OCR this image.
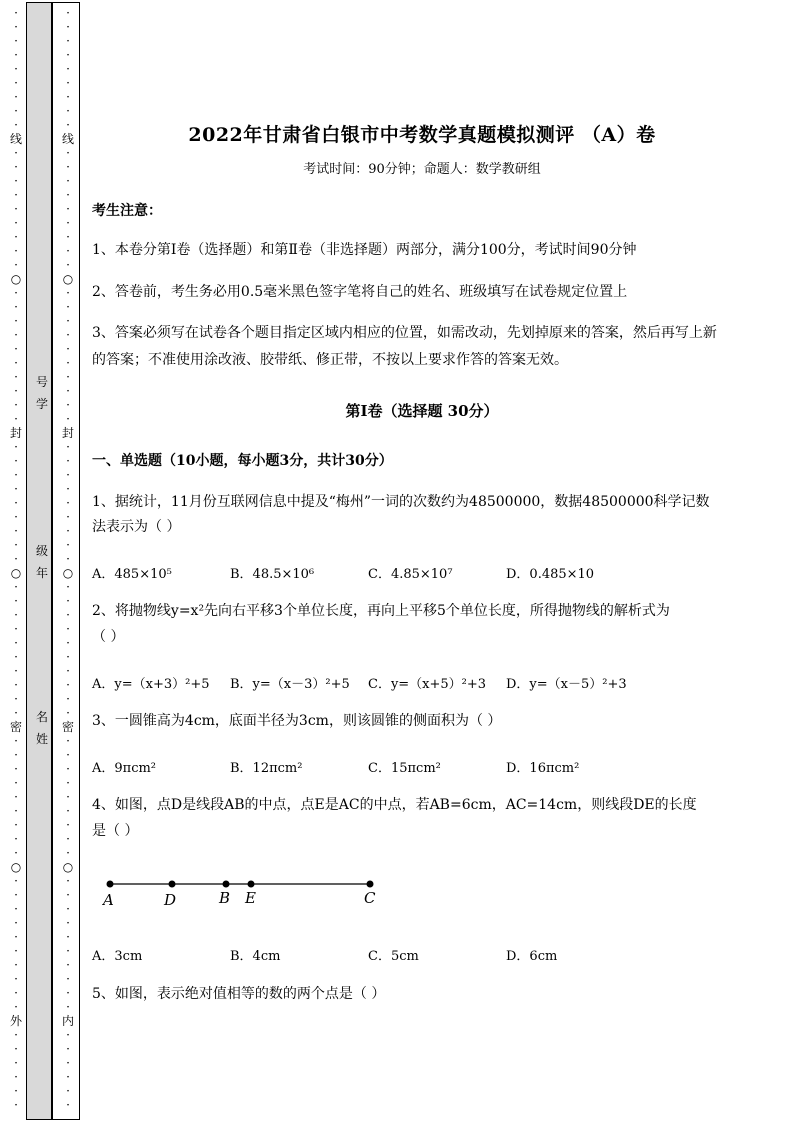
·
·
·
·
·
·
·
·
·
线
·
·
·
·
·
·
·
·
·
○
·
·
·
·
·
·
·
·
·
·
封
·
·
·
·
·
·
·
·
·
○
·
·
·
·
·
·
·
·
·
·
密
·
·
·
·
·
·
·
·
·
○
·
·
·
·
·
·
·
·
·
·
外
·
·
·
·
·
·
·
·
·
·
·
·
·
·
·
线
·
·
·
·
·
·
·
·
·
○
·
·
·
·
·
·
·
·
·
·
封
·
·
·
·
·
·
·
·
·
○
·
·
·
·
·
·
·
·
·
·
密
·
·
·
·
·
·
·
·
·
○
·
·
·
·
·
·
·
·
·
·
内
·
·
·
·
·
·
号
学
级
年
名
姓
2022年甘肃省白银市中考数学真题模拟测评 （A）卷
考试时间：90分钟；命题人：数学教研组
考生注意：
1、本卷分第I卷（选择题）和第Ⅱ卷（非选择题）两部分，满分100分，考试时间90分钟
2、答卷前，考生务必用0.5毫米黑色签字笔将自己的姓名、班级填写在试卷规定位置上
3、答案必须写在试卷各个题目指定区域内相应的位置，如需改动，先划掉原来的答案，然后再写上新
的答案；不准使用涂改液、胶带纸、修正带，不按以上要求作答的答案无效。
第I卷（选择题 30分）
一、单选题（10小题，每小题3分，共计30分）
1、据统计，11月份互联网信息中提及“梅州”一词的次数约为48500000，数据48500000科学记数
法表示为（ ）
A．485×10⁵	B．48.5×10⁶	C．4.85×10⁷	D．0.485×10
2、将抛物线y=x²先向右平移3个单位长度，再向上平移5个单位长度，所得抛物线的解析式为
（ ）
A．y=（x+3）²+5	B．y=（x－3）²+5	C．y=（x+5）²+3	D．y=（x－5）²+3
3、一圆锥高为4cm，底面半径为3cm，则该圆锥的侧面积为（ ）
A．9πcm²	B．12πcm²	C．15πcm²	D．16πcm²
4、如图，点D是线段AB的中点，点E是AC的中点，若AB=6cm，AC=14cm，则线段DE的长度
是（ ）
A	D	B E	C
A．3cm	B．4cm	C．5cm	D．6cm
5、如图，表示绝对值相等的数的两个点是（ ）
